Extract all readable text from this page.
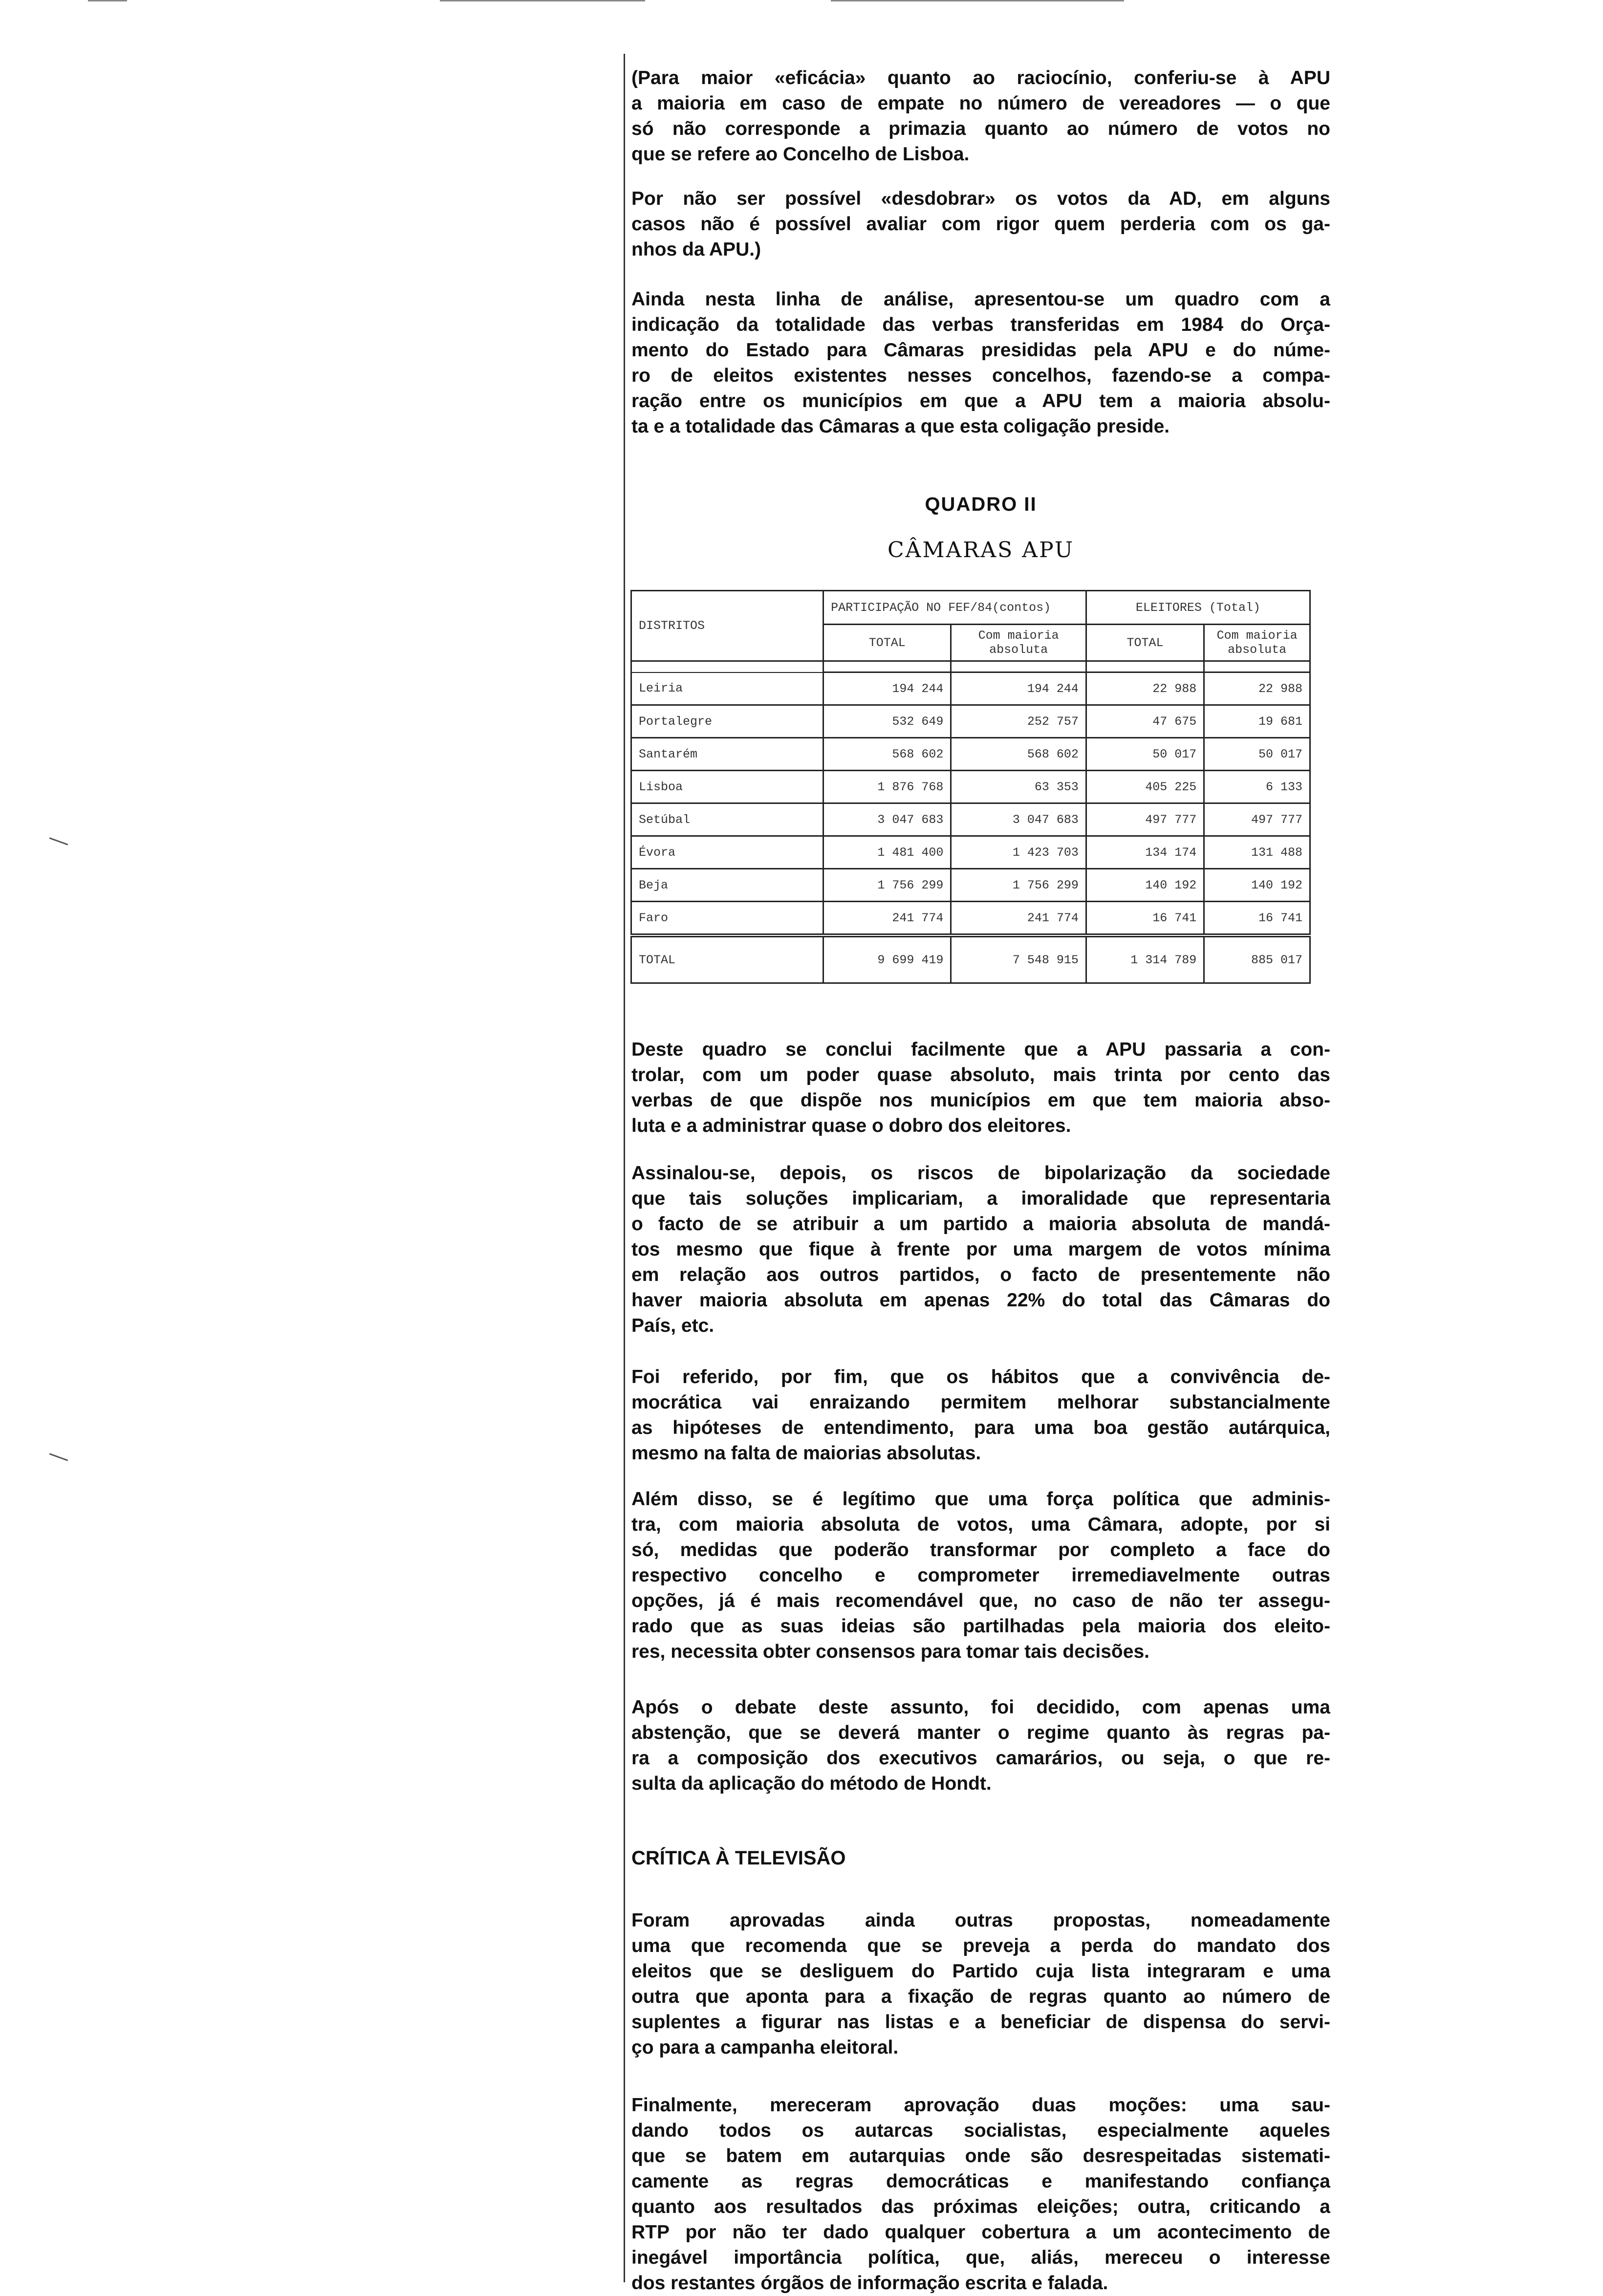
QUADRO II
CÂMARAS APU
DISTRITOS	PARTICIPAÇÃO NO FEF/84(contos)		ELEITORES (Total)	
	TOTAL	Com maioria absoluta	TOTAL	Com maioria absoluta

Leiria	194 244	194 244	22 988	22 988
Portalegre	532 649	252 757	47 675	19 681
Santarém	568 602	568 602	50 017	50 017
Lisboa	1 876 768	63 353	405 225	6 133
Setúbal	3 047 683	3 047 683	497 777	497 777
Évora	1 481 400	1 423 703	134 174	131 488
Beja	1 756 299	1 756 299	140 192	140 192
Faro	241 774	241 774	16 741	16 741
TOTAL	9 699 419	7 548 915	1 314 789	885 017
CRÍTICA À TELEVISÃO
(Para maior «eficácia» quanto ao raciocínio, conferiu-se à APU
a maioria em caso de empate no número de vereadores — o que
só não corresponde a primazia quanto ao número de votos no
que se refere ao Concelho de Lisboa.
Por não ser possível «desdobrar» os votos da AD, em alguns
casos não é possível avaliar com rigor quem perderia com os ga-
nhos da APU.)
Ainda nesta linha de análise, apresentou-se um quadro com a
indicação da totalidade das verbas transferidas em 1984 do Orça-
mento do Estado para Câmaras presididas pela APU e do núme-
ro de eleitos existentes nesses concelhos, fazendo-se a compa-
ração entre os municípios em que a APU tem a maioria absolu-
ta e a totalidade das Câmaras a que esta coligação preside.
Deste quadro se conclui facilmente que a APU passaria a con-
trolar, com um poder quase absoluto, mais trinta por cento das
verbas de que dispõe nos municípios em que tem maioria abso-
luta e a administrar quase o dobro dos eleitores.
Assinalou-se, depois, os riscos de bipolarização da sociedade
que tais soluções implicariam, a imoralidade que representaria
o facto de se atribuir a um partido a maioria absoluta de mandá-
tos mesmo que fique à frente por uma margem de votos mínima
em relação aos outros partidos, o facto de presentemente não
haver maioria absoluta em apenas 22% do total das Câmaras do
País, etc.
Foi referido, por fim, que os hábitos que a convivência de-
mocrática vai enraizando permitem melhorar substancialmente
as hipóteses de entendimento, para uma boa gestão autárquica,
mesmo na falta de maiorias absolutas.
Além disso, se é legítimo que uma força política que adminis-
tra, com maioria absoluta de votos, uma Câmara, adopte, por si
só, medidas que poderão transformar por completo a face do
respectivo concelho e comprometer irremediavelmente outras
opções, já é mais recomendável que, no caso de não ter assegu-
rado que as suas ideias são partilhadas pela maioria dos eleito-
res, necessita obter consensos para tomar tais decisões.
Após o debate deste assunto, foi decidido, com apenas uma
abstenção, que se deverá manter o regime quanto às regras pa-
ra a composição dos executivos camarários, ou seja, o que re-
sulta da aplicação do método de Hondt.
Foram aprovadas ainda outras propostas, nomeadamente
uma que recomenda que se preveja a perda do mandato dos
eleitos que se desliguem do Partido cuja lista integraram e uma
outra que aponta para a fixação de regras quanto ao número de
suplentes a figurar nas listas e a beneficiar de dispensa do servi-
ço para a campanha eleitoral.
Finalmente, mereceram aprovação duas moções: uma sau-
dando todos os autarcas socialistas, especialmente aqueles
que se batem em autarquias onde são desrespeitadas sistemati-
camente as regras democráticas e manifestando confiança
quanto aos resultados das próximas eleições; outra, criticando a
RTP por não ter dado qualquer cobertura a um acontecimento de
inegável importância política, que, aliás, mereceu o interesse
dos restantes órgãos de informação escrita e falada.
